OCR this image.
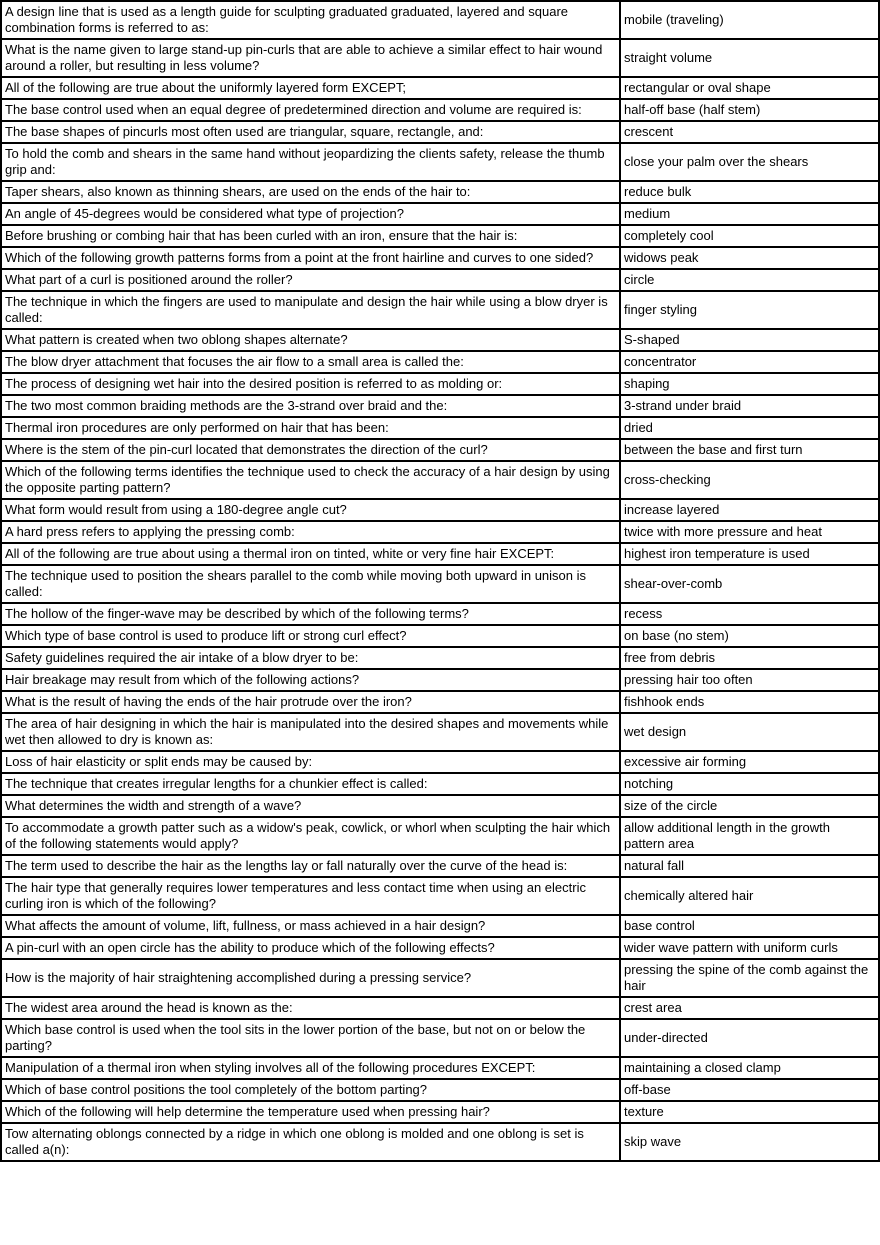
A design line that is used as a length guide for sculpting graduated graduated, layered and square combination forms is referred to as:	mobile (traveling)
What is the name given to large stand-up pin-curls that are able to achieve a similar effect to hair wound around a roller, but resulting in less volume?	straight volume
All of the following are true about the uniformly layered form EXCEPT;	rectangular or oval shape
The base control used when an equal degree of predetermined direction and volume are required is:	half-off base (half stem)
The base shapes of pincurls most often used are triangular, square, rectangle, and:	crescent
To hold the comb and shears in the same hand without jeopardizing the clients safety, release the thumb grip and:	close your palm over the shears
Taper shears, also known as thinning shears, are used on the ends of the hair to:	reduce bulk
An angle of 45-degrees would be considered what type of projection?	medium
Before brushing or combing hair that has been curled with an iron, ensure that the hair is:	completely cool
Which of the following growth patterns forms from a point at the front hairline and curves to one sided?	widows peak
What part of a curl is positioned around the roller?	circle
The technique in which the fingers are used to manipulate and design the hair while using a blow dryer is called:	finger styling
What pattern is created when two oblong shapes alternate?	S-shaped
The blow dryer attachment that focuses the air flow to a small area is called the:	concentrator
The process of designing wet hair into the desired position is referred to as molding or:	shaping
The two most common braiding methods are the 3-strand over braid and the:	3-strand under braid
Thermal iron procedures are only performed on hair that has been:	dried
Where is the stem of the pin-curl located that demonstrates the direction of the curl?	between the base and first turn
Which of the following terms identifies the technique used to check the accuracy of a hair design by using the opposite parting pattern?	cross-checking
What form would result from using a 180-degree angle cut?	increase layered
A hard press refers to applying the pressing comb:	twice with more pressure and heat
All of the following are true about using a thermal iron on tinted, white or very fine hair EXCEPT:	highest iron temperature is used
The technique used to position the shears parallel to the comb while moving both upward in unison is called:	shear-over-comb
The hollow of the finger-wave may be described by which of the following terms?	recess
Which type of base control is used to produce lift or strong curl effect?	on base (no stem)
Safety guidelines required the air intake of a blow dryer to be:	free from debris
Hair breakage may result from which of the following actions?	pressing hair too often
What is the result of having the ends of the hair protrude over the iron?	fishhook ends
The area of hair designing in which the hair is manipulated into the desired shapes and movements while wet then allowed to dry is known as:	wet design
Loss of hair elasticity or split ends may be caused by:	excessive air forming
The technique that creates irregular lengths for a chunkier effect is called:	notching
What determines the width and strength of a wave?	size of the circle
To accommodate a growth patter such as a widow's peak, cowlick, or whorl when sculpting the hair which of the following statements would apply?	allow additional length in the growth pattern area
The term used to describe the hair as the lengths lay or fall naturally over the curve of the head is:	natural fall
The hair type that generally requires lower temperatures and less contact time when using an electric curling iron is which of the following?	chemically altered hair
What affects the amount of volume, lift, fullness, or mass achieved in a hair design?	base control
A pin-curl with an open circle has the ability to produce which of the following effects?	wider wave pattern with uniform curls
How is the majority of hair straightening accomplished during a pressing service?	pressing the spine of the comb against the hair
The widest area around the head is known as the:	crest area
Which base control is used when the tool sits in the lower portion of the base, but not on or below the parting?	under-directed
Manipulation of a thermal iron when styling involves all of the following procedures EXCEPT:	maintaining a closed clamp
Which of base control positions the tool completely of the bottom parting?	off-base
Which of the following will help determine the temperature used when pressing hair?	texture
Tow alternating oblongs connected by a ridge in which one oblong is molded and one oblong is set is called a(n):	skip wave
